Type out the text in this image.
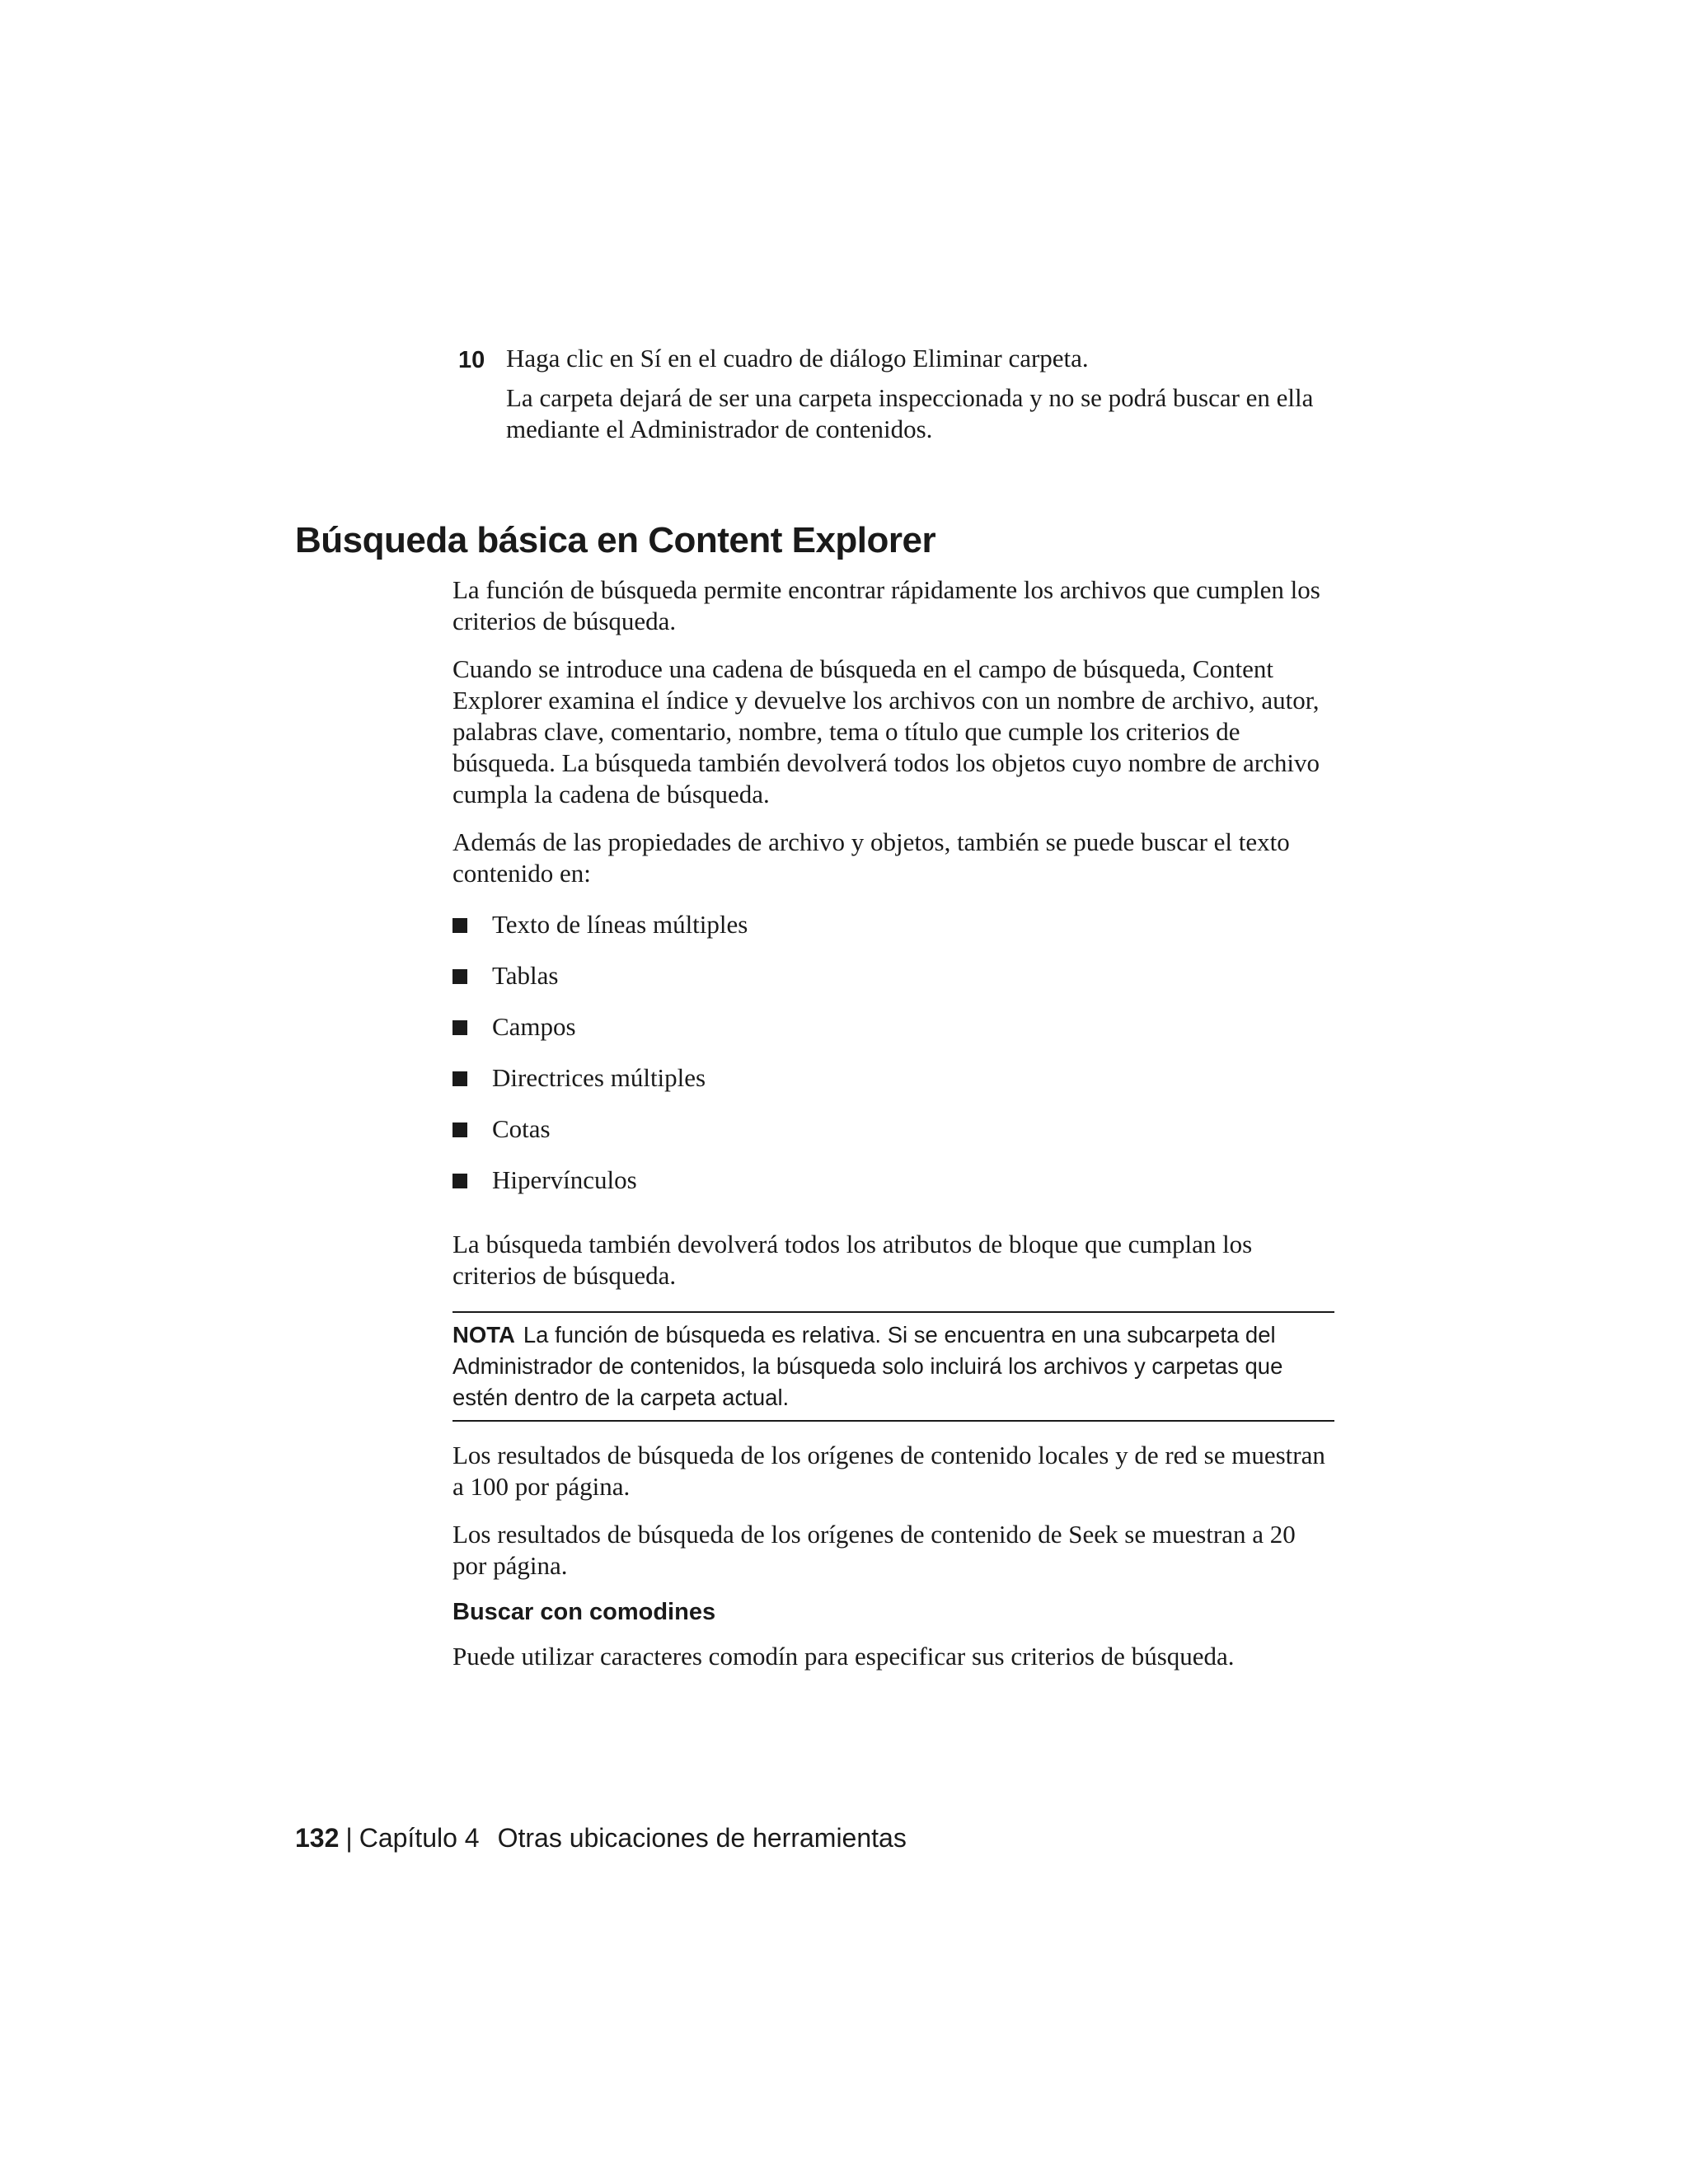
10 Haga clic en Sí en el cuadro de diálogo Eliminar carpeta.

La carpeta dejará de ser una carpeta inspeccionada y no se podrá buscar en ella mediante el Administrador de contenidos.

Búsqueda básica en Content Explorer

La función de búsqueda permite encontrar rápidamente los archivos que cumplen los criterios de búsqueda.

Cuando se introduce una cadena de búsqueda en el campo de búsqueda, Content Explorer examina el índice y devuelve los archivos con un nombre de archivo, autor, palabras clave, comentario, nombre, tema o título que cumple los criterios de búsqueda. La búsqueda también devolverá todos los objetos cuyo nombre de archivo cumpla la cadena de búsqueda.

Además de las propiedades de archivo y objetos, también se puede buscar el texto contenido en:

Texto de líneas múltiples
Tablas
Campos
Directrices múltiples
Cotas
Hipervínculos

La búsqueda también devolverá todos los atributos de bloque que cumplan los criterios de búsqueda.

NOTA La función de búsqueda es relativa. Si se encuentra en una subcarpeta del Administrador de contenidos, la búsqueda solo incluirá los archivos y carpetas que estén dentro de la carpeta actual.

Los resultados de búsqueda de los orígenes de contenido locales y de red se muestran a 100 por página.

Los resultados de búsqueda de los orígenes de contenido de Seek se muestran a 20 por página.

Buscar con comodines

Puede utilizar caracteres comodín para especificar sus criterios de búsqueda.

132 | Capítulo 4 Otras ubicaciones de herramientas
